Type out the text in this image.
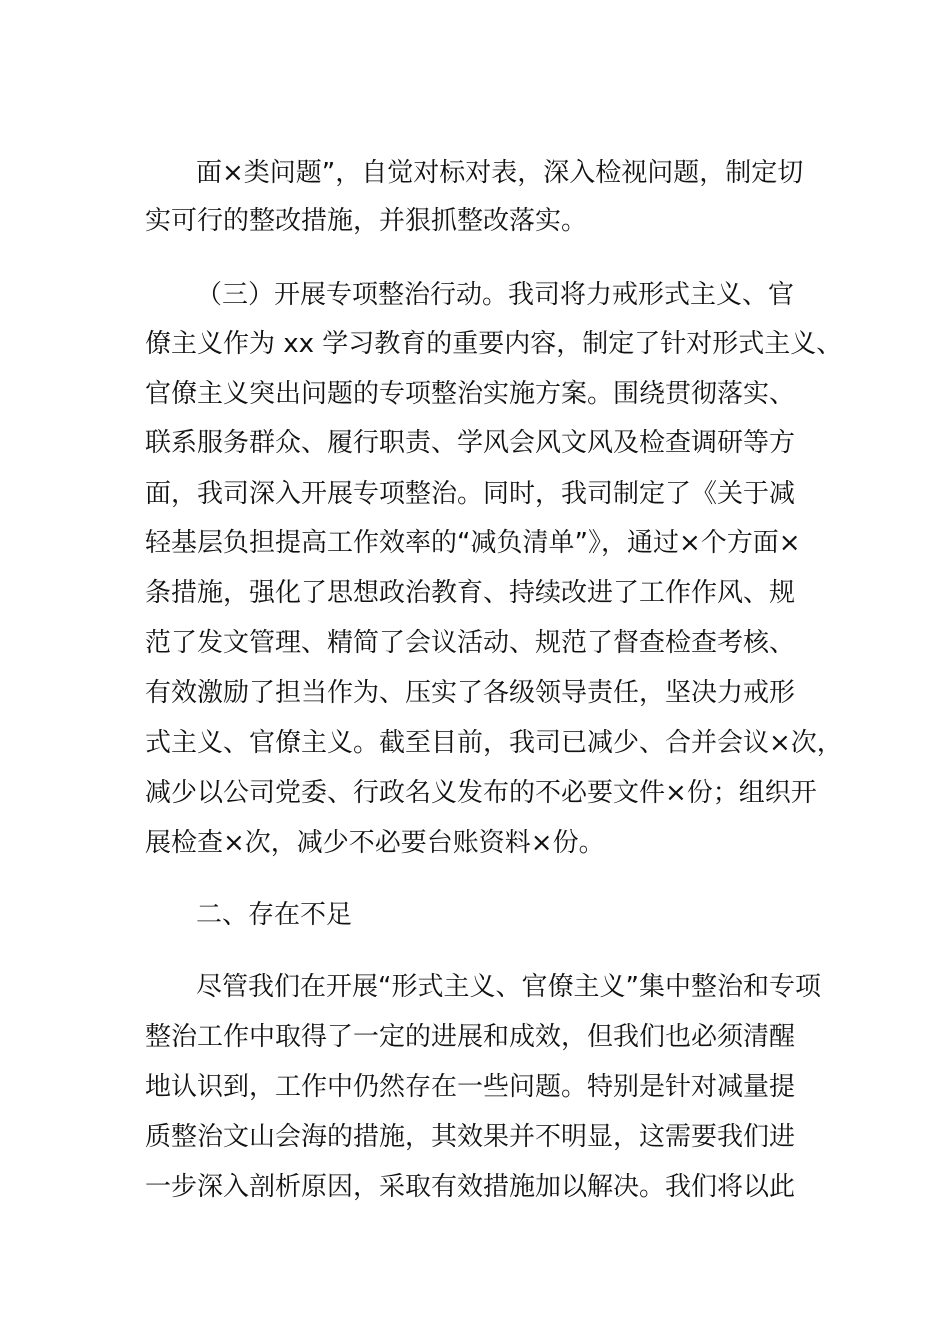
面×类问题”，自觉对标对表，深入检视问题，制定切
实可行的整改措施，并狠抓整改落实。
（三）开展专项整治行动。我司将力戒形式主义、官
僚主义作为 xx 学习教育的重要内容，制定了针对形式主义、
官僚主义突出问题的专项整治实施方案。围绕贯彻落实、
联系服务群众、履行职责、学风会风文风及检查调研等方
面，我司深入开展专项整治。同时，我司制定了《关于减
轻基层负担提高工作效率的“减负清单”》，通过×个方面×
条措施，强化了思想政治教育、持续改进了工作作风、规
范了发文管理、精简了会议活动、规范了督查检查考核、
有效激励了担当作为、压实了各级领导责任，坚决力戒形
式主义、官僚主义。截至目前，我司已减少、合并会议×次，
减少以公司党委、行政名义发布的不必要文件×份；组织开
展检查×次，减少不必要台账资料×份。
二、存在不足
尽管我们在开展“形式主义、官僚主义”集中整治和专项
整治工作中取得了一定的进展和成效，但我们也必须清醒
地认识到，工作中仍然存在一些问题。特别是针对减量提
质整治文山会海的措施，其效果并不明显，这需要我们进
一步深入剖析原因，采取有效措施加以解决。我们将以此
